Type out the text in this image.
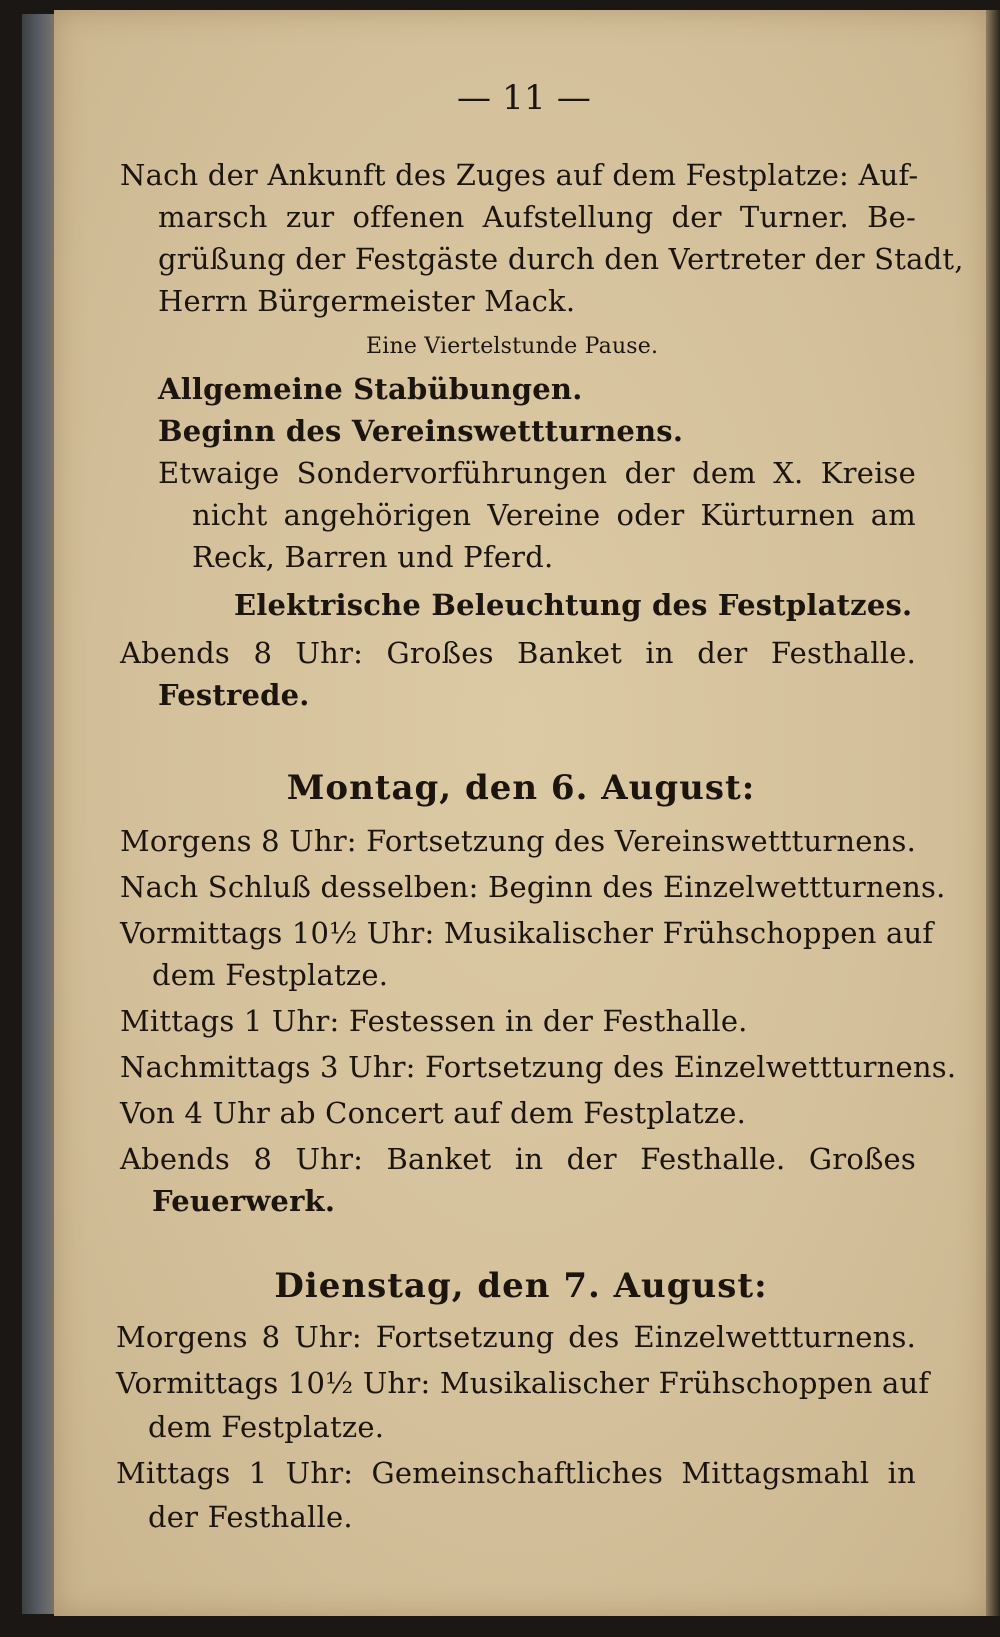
— 11 —

Nach der Ankunft des Zuges auf dem Festplatze: Auf-

marsch zur offenen Aufstellung der Turner. Be-

grüßung der Festgäste durch den Vertreter der Stadt,

Herrn Bürgermeister Mack.

Eine Viertelstunde Pause.

Allgemeine Stabübungen.

Beginn des Vereinswettturnens.

Etwaige Sondervorführungen der dem X. Kreise

nicht angehörigen Vereine oder Kürturnen am

Reck, Barren und Pferd.

Elektrische Beleuchtung des Festplatzes.

Abends 8 Uhr: Großes Banket in der Festhalle.

Festrede.

Montag, den 6. August:

Morgens 8 Uhr: Fortsetzung des Vereinswettturnens.

Nach Schluß desselben: Beginn des Einzelwettturnens.

Vormittags 10½ Uhr: Musikalischer Frühschoppen auf

dem Festplatze.

Mittags 1 Uhr: Festessen in der Festhalle.

Nachmittags 3 Uhr: Fortsetzung des Einzelwettturnens.

Von 4 Uhr ab Concert auf dem Festplatze.

Abends 8 Uhr: Banket in der Festhalle. Großes

Feuerwerk.

Dienstag, den 7. August:

Morgens 8 Uhr: Fortsetzung des Einzelwettturnens.

Vormittags 10½ Uhr: Musikalischer Frühschoppen auf

dem Festplatze.

Mittags 1 Uhr: Gemeinschaftliches Mittagsmahl in

der Festhalle.
